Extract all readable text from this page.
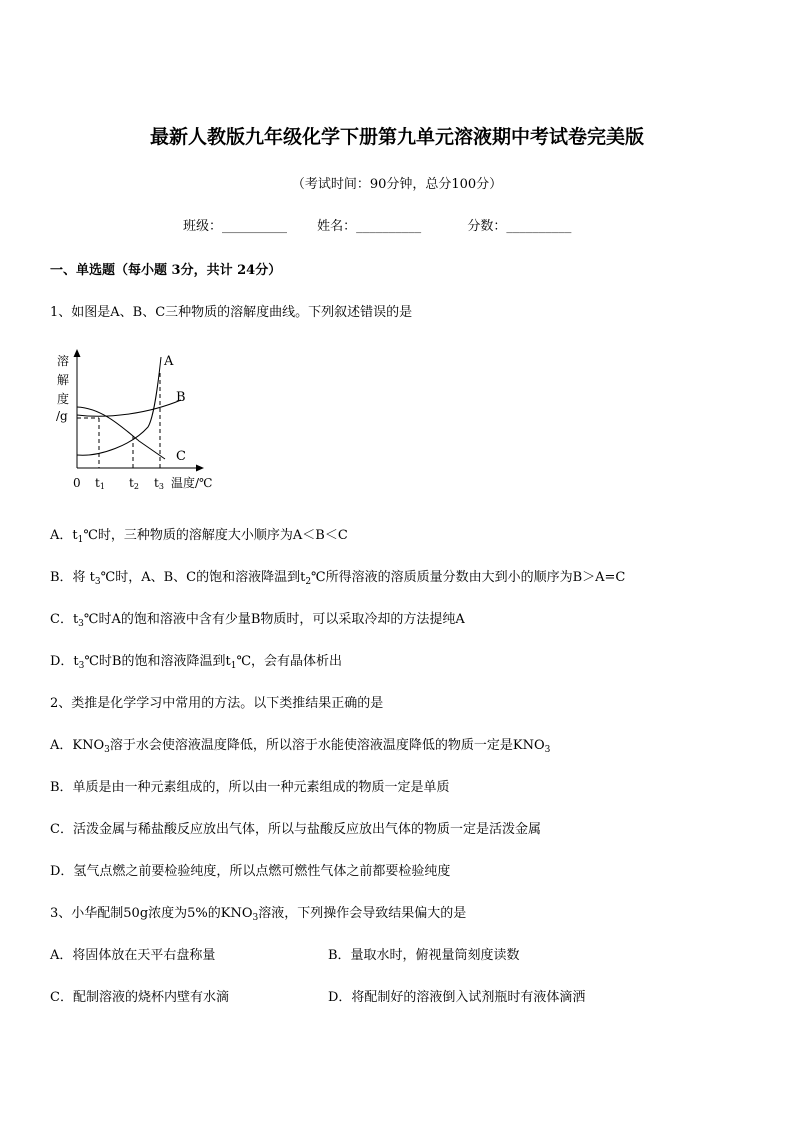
最新人教版九年级化学下册第九单元溶液期中考试卷完美版
（考试时间：90分钟，总分100分）
班级：__________ 姓名：__________	分数：__________
一、单选题（每小题 3分，共计 24分）
1、如图是A、B、C三种物质的溶解度曲线。下列叙述错误的是
溶
解
度
/g
A
B
C
0 t1 t2 t3 温度/℃
A．$t_1℃$时，三种物质的溶解度大小顺序为A＜B＜C
B．将 $t_3℃$时，A、B、C的饱和溶液降温到$t_2℃$所得溶液的溶质质量分数由大到小的顺序为B＞A=C
C．$t_3℃$时A的饱和溶液中含有少量B物质时，可以采取冷却的方法提纯A
D．$t_3℃$时B的饱和溶液降温到$t_1℃$，会有晶体析出
2、类推是化学学习中常用的方法。以下类推结果正确的是
A．$KNO_3$溶于水会使溶液温度降低，所以溶于水能使溶液温度降低的物质一定是$KNO_3$
B．单质是由一种元素组成的，所以由一种元素组成的物质一定是单质
C．活泼金属与稀盐酸反应放出气体，所以与盐酸反应放出气体的物质一定是活泼金属
D．氢气点燃之前要检验纯度，所以点燃可燃性气体之前都要检验纯度
3、小华配制50g浓度为5%的$KNO_3$溶液，下列操作会导致结果偏大的是
A．将固体放在天平右盘称量	B．量取水时，俯视量筒刻度读数
C．配制溶液的烧杯内壁有水滴	D．将配制好的溶液倒入试剂瓶时有液体滴洒
